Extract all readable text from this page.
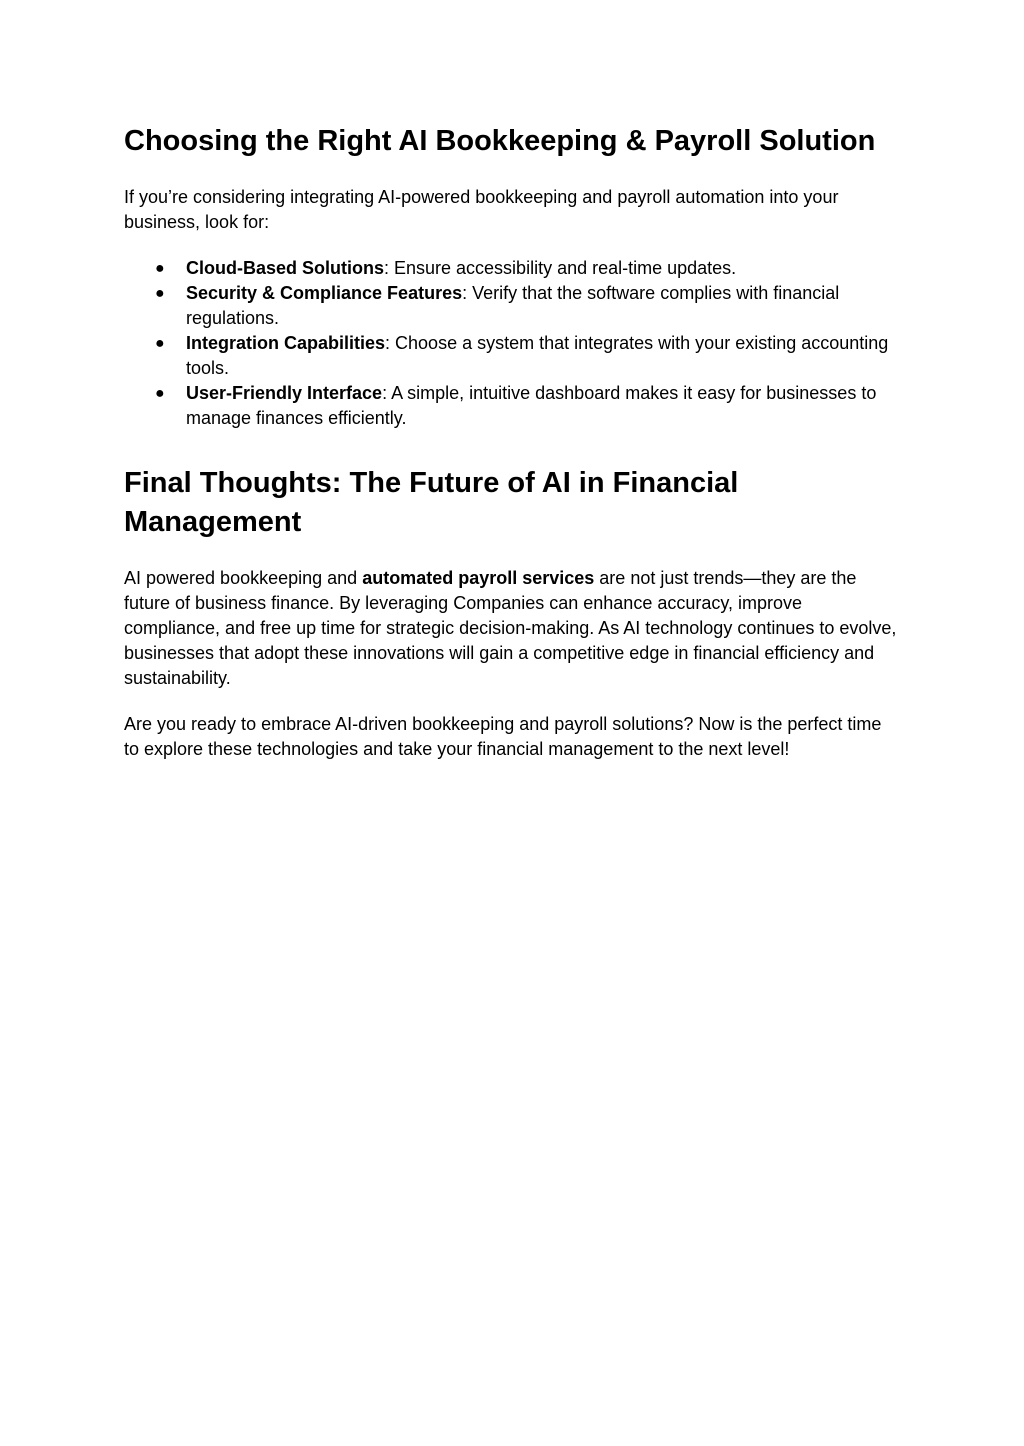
Choosing the Right AI Bookkeeping & Payroll Solution

If you’re considering integrating AI-powered bookkeeping and payroll automation into your business, look for:

● Cloud-Based Solutions: Ensure accessibility and real-time updates.
● Security & Compliance Features: Verify that the software complies with financial regulations.
● Integration Capabilities: Choose a system that integrates with your existing accounting tools.
● User-Friendly Interface: A simple, intuitive dashboard makes it easy for businesses to manage finances efficiently.
Final Thoughts: The Future of AI in Financial Management

AI powered bookkeeping and automated payroll services are not just trends—they are the future of business finance. By leveraging Companies can enhance accuracy, improve compliance, and free up time for strategic decision-making. As AI technology continues to evolve, businesses that adopt these innovations will gain a competitive edge in financial efficiency and sustainability.

Are you ready to embrace AI-driven bookkeeping and payroll solutions? Now is the perfect time to explore these technologies and take your financial management to the next level!
